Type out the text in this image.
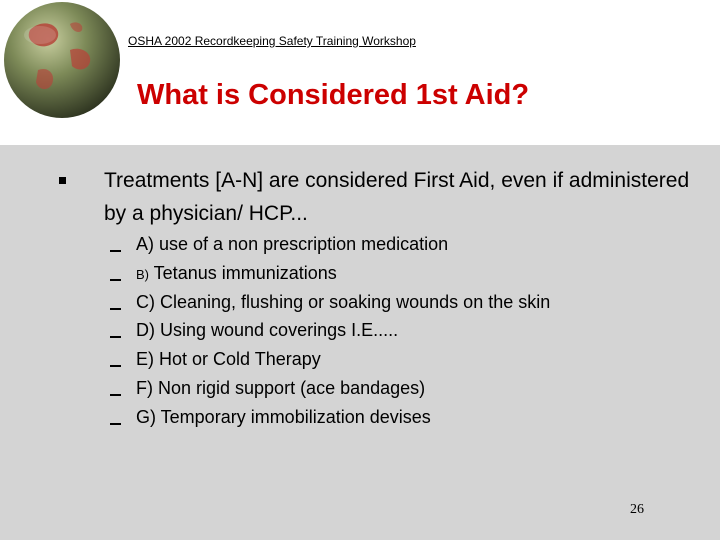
OSHA 2002 Recordkeeping Safety Training Workshop
What is Considered 1st Aid?
Treatments [A-N] are considered First Aid, even if administered by a physician/ HCP...
A) use of a non prescription medication
B) Tetanus immunizations
C) Cleaning, flushing or soaking wounds on the skin
D) Using wound coverings I.E.....
E) Hot or Cold Therapy
F) Non rigid support (ace bandages)
G) Temporary immobilization devises
26
